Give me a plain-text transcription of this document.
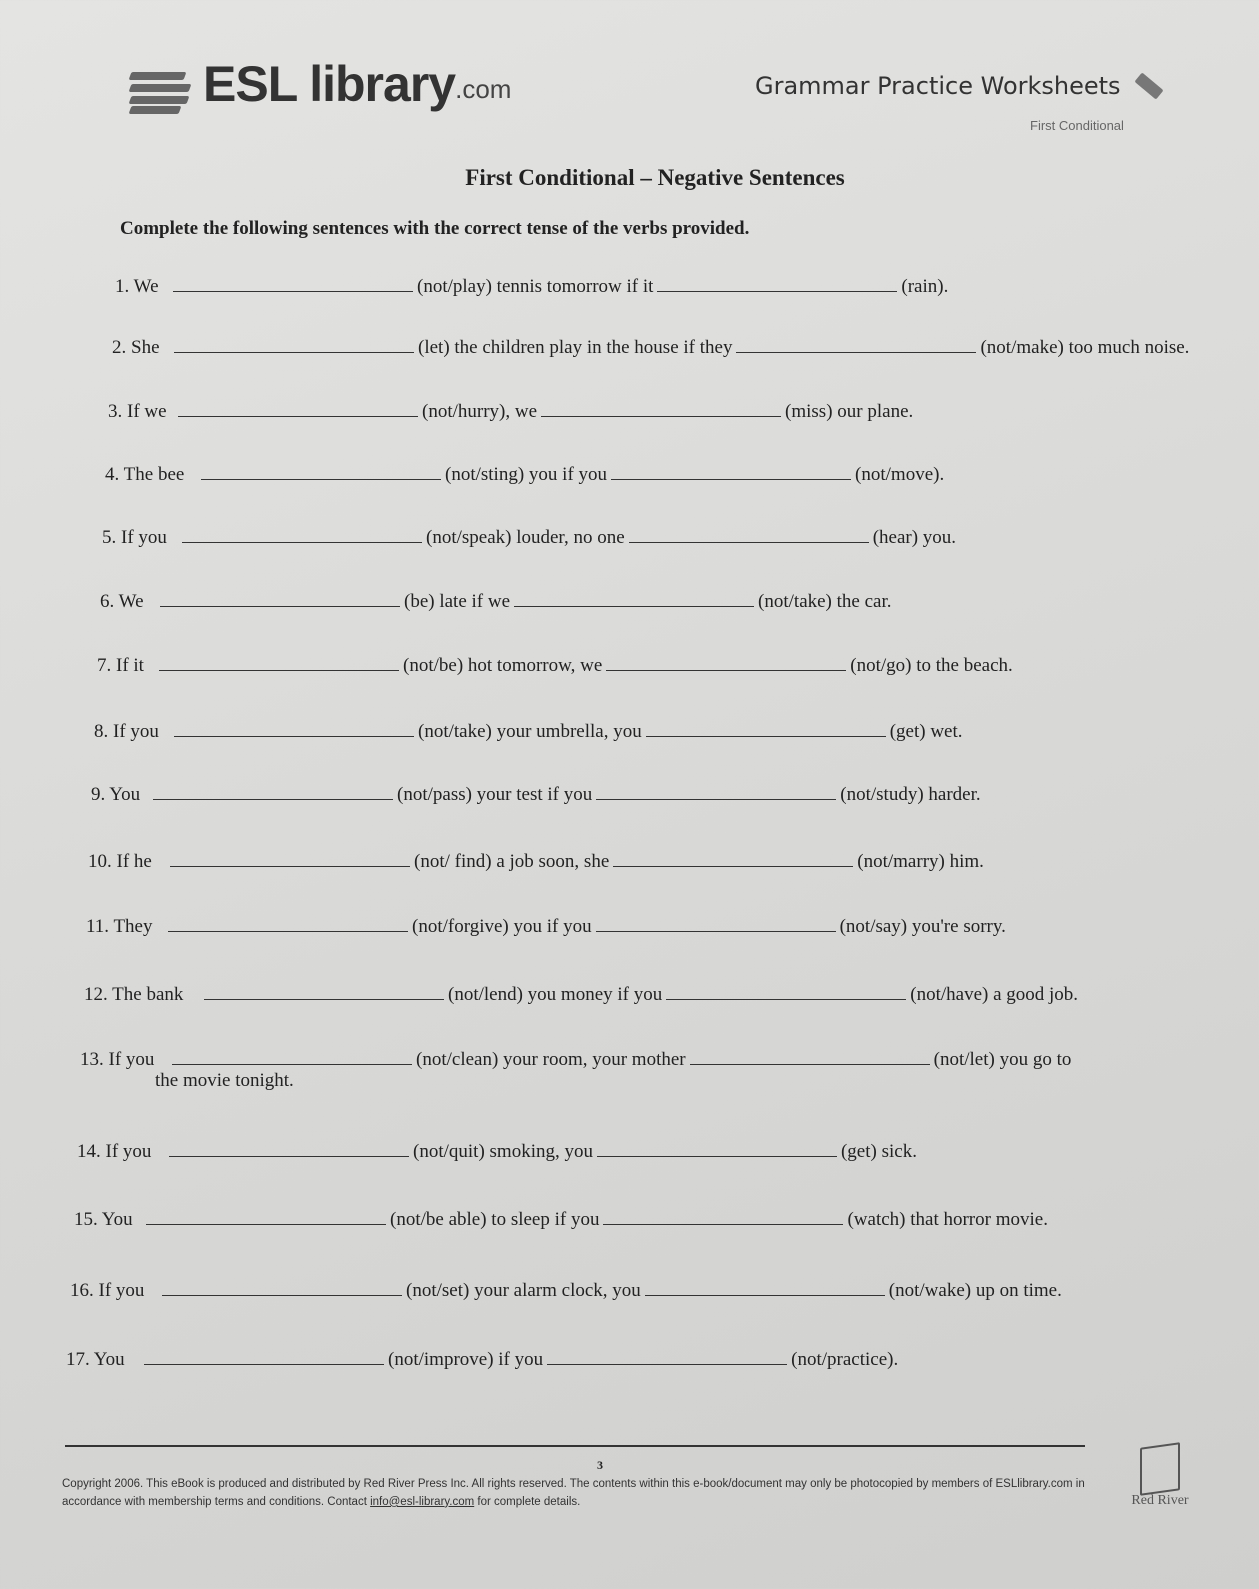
ESL library .com	Grammar Practice Worksheets
First Conditional
First Conditional – Negative Sentences
Complete the following sentences with the correct tense of the verbs provided.
1. We	(not/play) tennis tomorrow if it	(rain).
2. She	(let) the children play in the house if they	(not/make) too much noise.
3. If we	(not/hurry), we	(miss) our plane.
4. The bee	(not/sting) you if you	(not/move).
5. If you	(not/speak) louder, no one	(hear) you.
6. We	(be) late if we	(not/take) the car.
7. If it	(not/be) hot tomorrow, we	(not/go) to the beach.
8. If you	(not/take) your umbrella, you	(get) wet.
9. You	(not/pass) your test if you	(not/study) harder.
10. If he	(not/ find) a job soon, she	(not/marry) him.
11. They	(not/forgive) you if you	(not/say) you're sorry.
12. The bank	(not/lend) you money if you	(not/have) a good job.
13. If you	(not/clean) your room, your mother	(not/let) you go to
14. If you	(not/quit) smoking, you	(get) sick.
15. You	(not/be able) to sleep if you	(watch) that horror movie.
16. If you	(not/set) your alarm clock, you	(not/wake) up on time.
17. You	(not/improve) if you	(not/practice).
the movie tonight.
3
Copyright 2006. This eBook is produced and distributed by Red River Press Inc. All rights reserved. The contents within this e-book/document may only be photocopied by members of ESLlibrary.com in accordance with membership terms and conditions. Contact info@esl-library.com for complete details.	Red River
